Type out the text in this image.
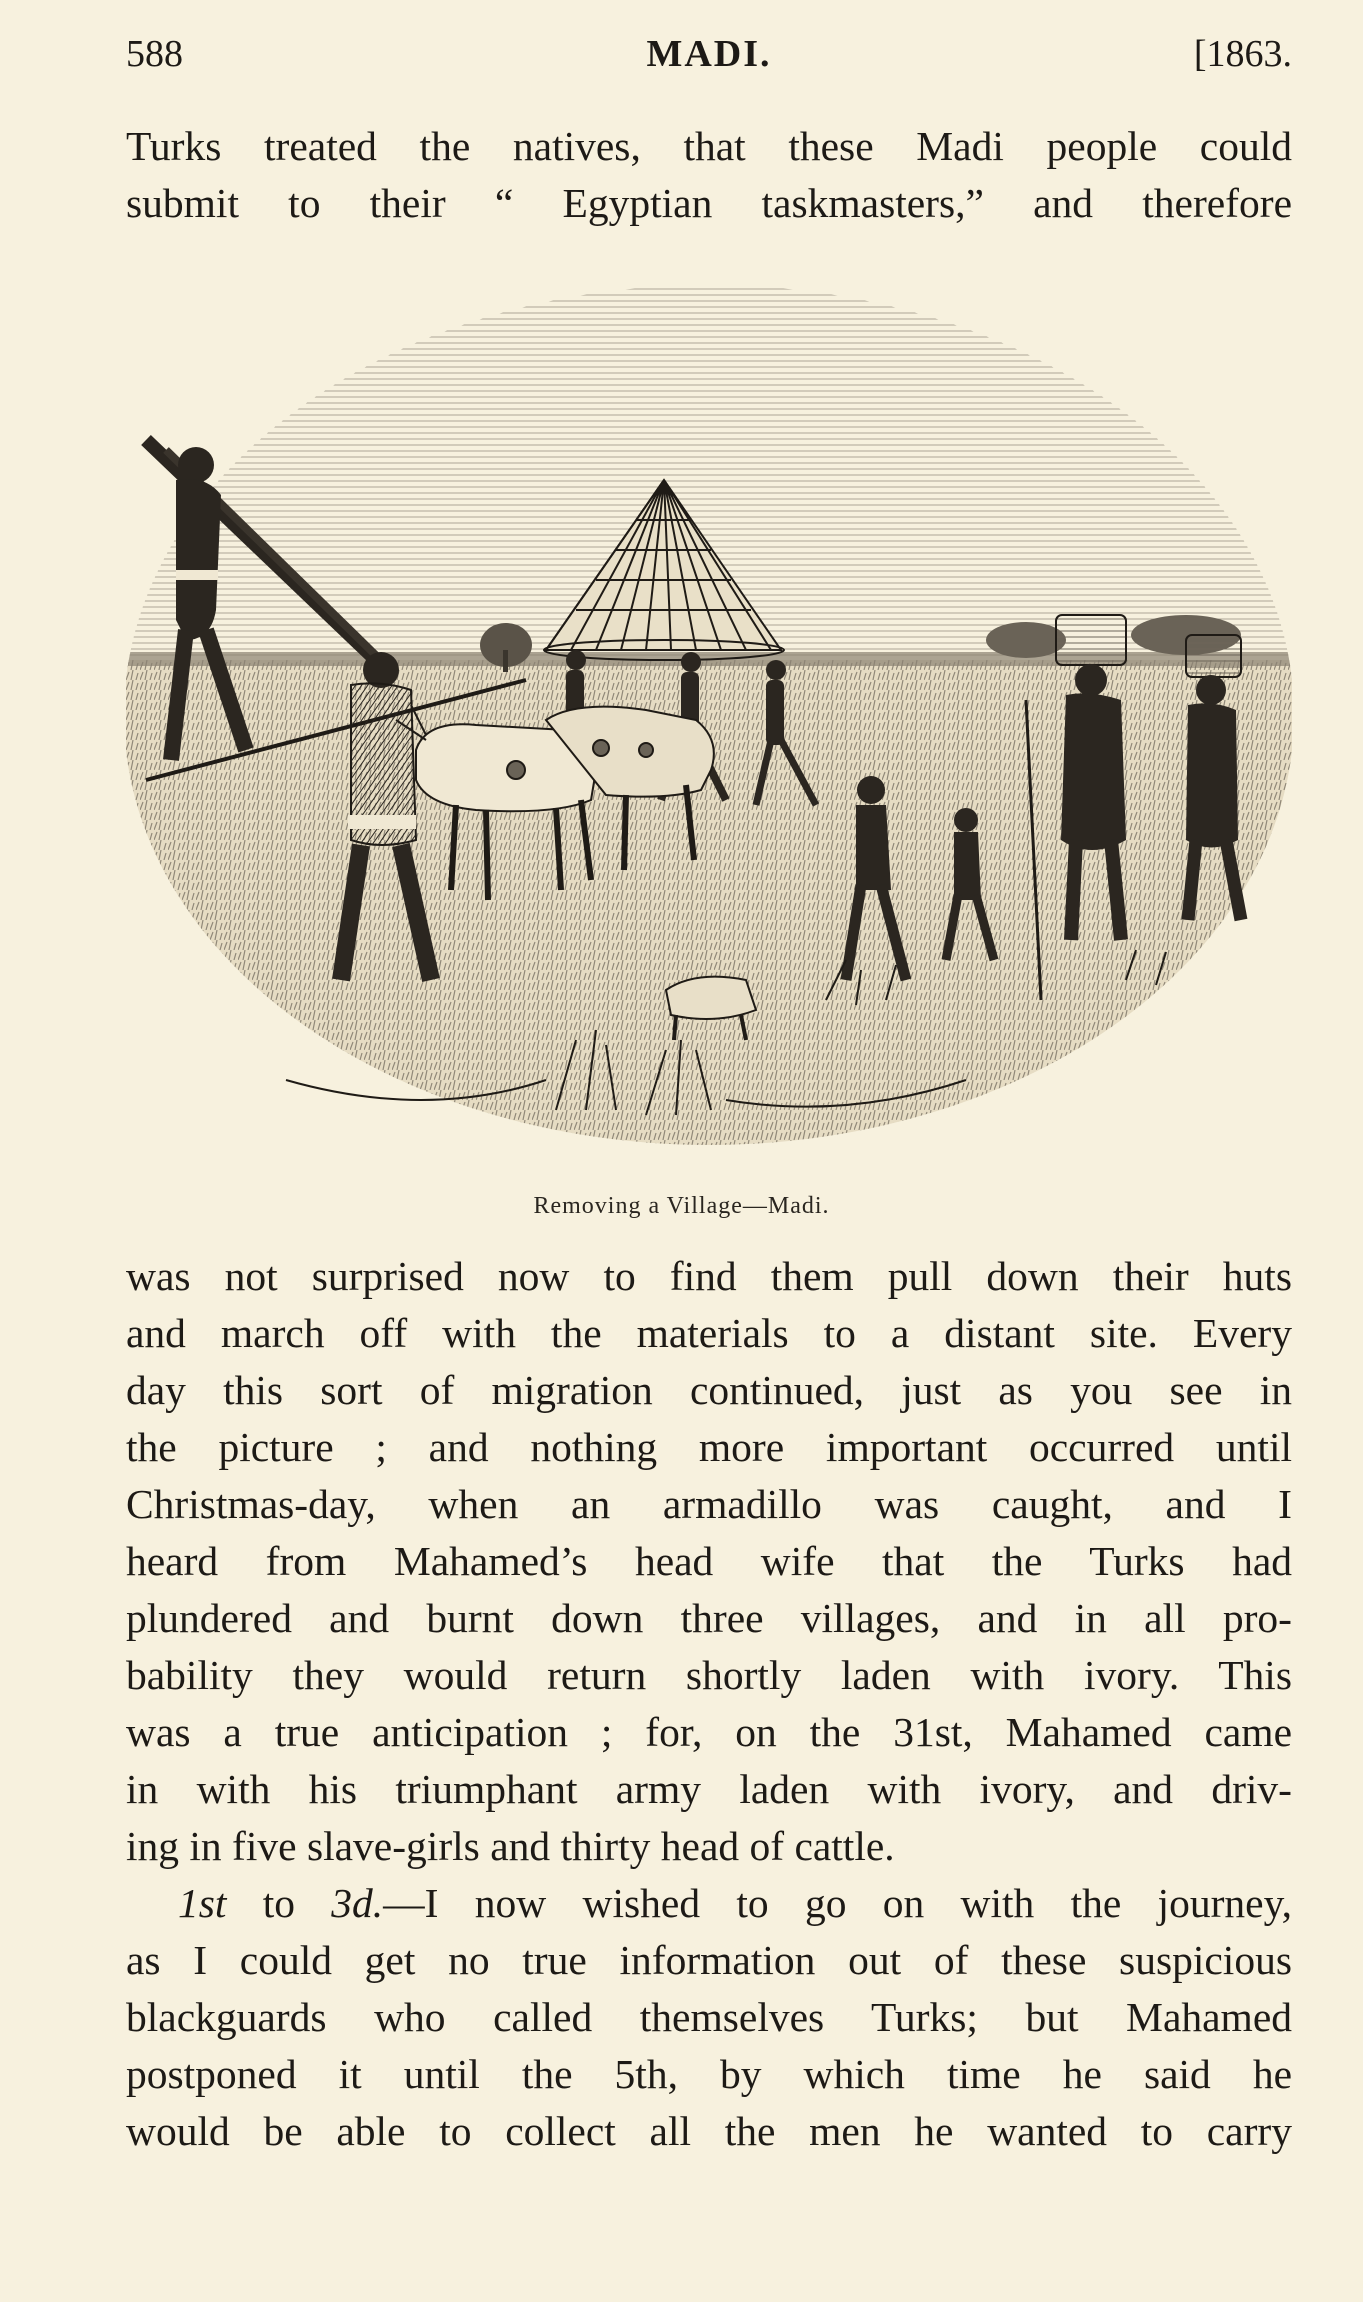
588	MADI.	[1863.
Turks treated the natives, that these Madi people could
submit to their “ Egyptian taskmasters,” and therefore
Removing a Village—Madi.
was not surprised now to find them pull down their huts
and march off with the materials to a distant site. Every
day this sort of migration continued, just as you see in
the picture ; and nothing more important occurred until
Christmas-day, when an armadillo was caught, and I
heard from Mahamed’s head wife that the Turks had
plundered and burnt down three villages, and in all pro-
bability they would return shortly laden with ivory. This
was a true anticipation ; for, on the 31st, Mahamed came
in with his triumphant army laden with ivory, and driv-
ing in five slave-girls and thirty head of cattle.
1st to 3d.—I now wished to go on with the journey,
as I could get no true information out of these suspicious
blackguards who called themselves Turks; but Mahamed
postponed it until the 5th, by which time he said he
would be able to collect all the men he wanted to carry
